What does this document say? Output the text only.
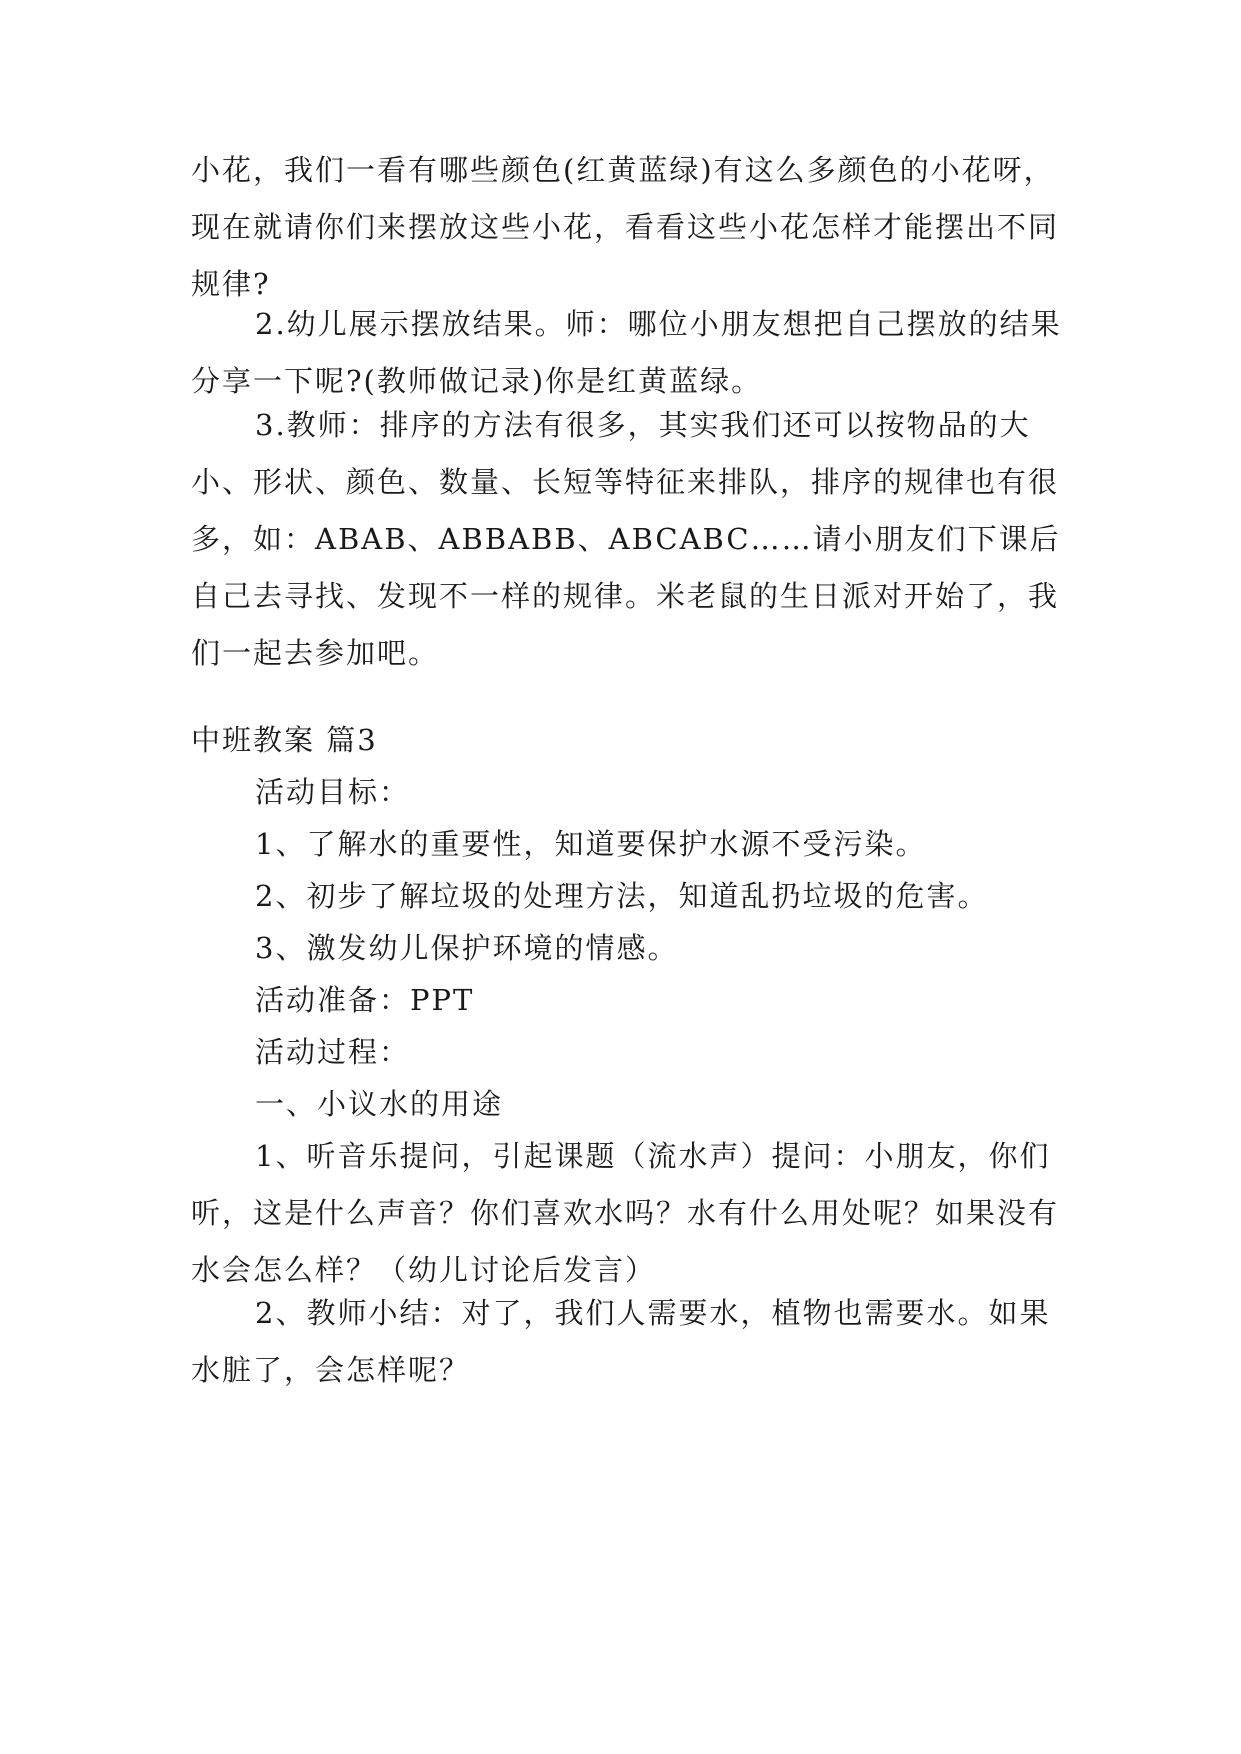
小花，我们一看有哪些颜色(红黄蓝绿)有这么多颜色的小花呀，现在就请你们来摆放这些小花，看看这些小花怎样才能摆出不同规律?
2.幼儿展示摆放结果。师：哪位小朋友想把自己摆放的结果分享一下呢?(教师做记录)你是红黄蓝绿。
3.教师：排序的方法有很多，其实我们还可以按物品的大小、形状、颜色、数量、长短等特征来排队，排序的规律也有很多，如：ABAB、ABBABB、ABCABC……请小朋友们下课后自己去寻找、发现不一样的规律。米老鼠的生日派对开始了，我们一起去参加吧。
中班教案 篇3
活动目标：
1、了解水的重要性，知道要保护水源不受污染。
2、初步了解垃圾的处理方法，知道乱扔垃圾的危害。
3、激发幼儿保护环境的情感。
活动准备：PPT
活动过程：
一、小议水的用途
1、听音乐提问，引起课题（流水声）提问：小朋友，你们听，这是什么声音？你们喜欢水吗？水有什么用处呢？如果没有水会怎么样？（幼儿讨论后发言）
2、教师小结：对了，我们人需要水，植物也需要水。如果水脏了，会怎样呢？
